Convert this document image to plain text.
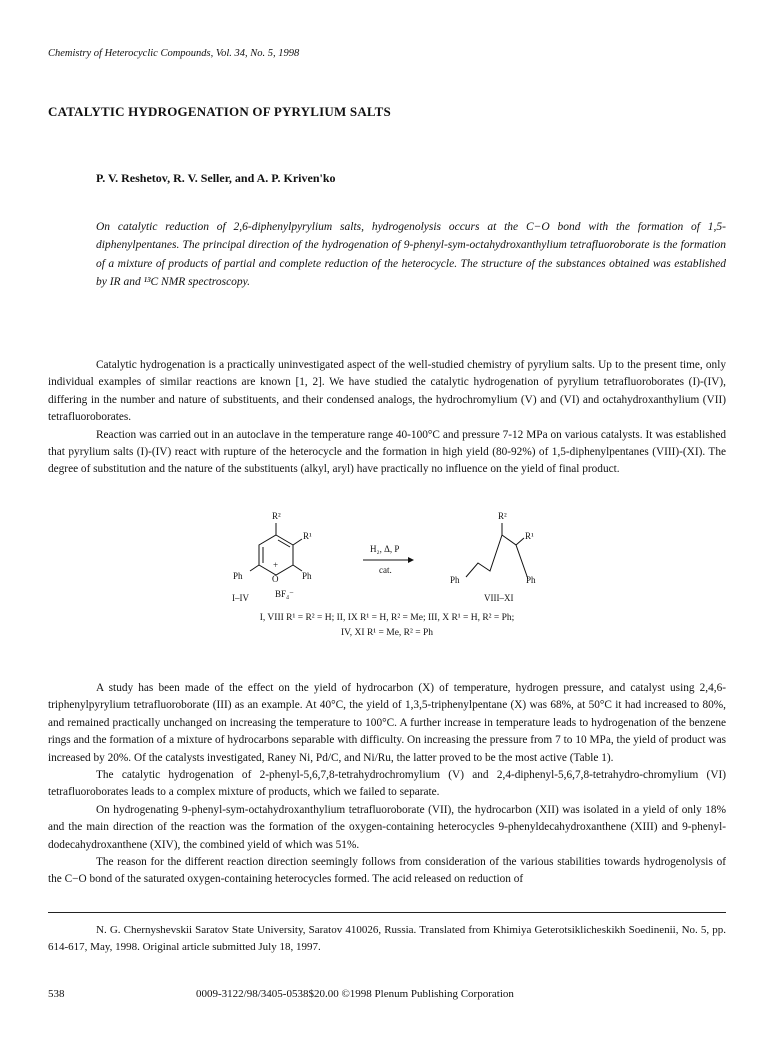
Chemistry of Heterocyclic Compounds, Vol. 34, No. 5, 1998
CATALYTIC HYDROGENATION OF PYRYLIUM SALTS
P. V. Reshetov, R. V. Seller, and A. P. Kriven'ko

On catalytic reduction of 2,6-diphenylpyrylium salts, hydrogenolysis occurs at the C−O bond with the formation of 1,5-diphenylpentanes. The principal direction of the hydrogenation of 9-phenyl-sym-octahydroxanthylium tetrafluoroborate is the formation of a mixture of products of partial and complete reduction of the heterocycle. The structure of the substances obtained was established by IR and ¹³C NMR spectroscopy.

Catalytic hydrogenation is a practically uninvestigated aspect of the well-studied chemistry of pyrylium salts. Up to the present time, only individual examples of similar reactions are known [1, 2]. We have studied the catalytic hydrogenation of pyrylium tetrafluoroborates (I)-(IV), differing in the number and nature of substituents, and their condensed analogs, the hydrochromylium (V) and (VI) and octahydroxanthylium (VII) tetrafluoroborates.

Reaction was carried out in an autoclave in the temperature range 40-100°C and pressure 7-12 MPa on various catalysts. It was established that pyrylium salts (I)-(IV) react with rupture of the heterocycle and the formation in high yield (80-92%) of 1,5-diphenylpentanes (VIII)-(XI). The degree of substitution and the nature of the substituents (alkyl, aryl) have practically no influence on the yield of final product.

R²
R¹
+
O
Ph	Ph
I–IV	BF₄⁻
H₂, Δ, P
cat.
R²
R¹
Ph	Ph
VIII–XI
I, VIII R¹ = R² = H; II, IX R¹ = H, R² = Me; III, X R¹ = H, R² = Ph;
IV, XI R¹ = Me, R² = Ph

A study has been made of the effect on the yield of hydrocarbon (X) of temperature, hydrogen pressure, and catalyst using 2,4,6-triphenylpyrylium tetrafluoroborate (III) as an example. At 40°C, the yield of 1,3,5-triphenylpentane (X) was 68%, at 50°C it had increased to 80%, and remained practically unchanged on increasing the temperature to 100°C. A further increase in temperature leads to hydrogenation of the benzene rings and the formation of a mixture of hydrocarbons separable with difficulty. On increasing the pressure from 7 to 10 MPa, the yield of product was increased by 20%. Of the catalysts investigated, Raney Ni, Pd/C, and Ni/Ru, the latter proved to be the most active (Table 1).

The catalytic hydrogenation of 2-phenyl-5,6,7,8-tetrahydrochromylium (V) and 2,4-diphenyl-5,6,7,8-tetrahydro-chromylium (VI) tetrafluoroborates leads to a complex mixture of products, which we failed to separate.

On hydrogenating 9-phenyl-sym-octahydroxanthylium tetrafluoroborate (VII), the hydrocarbon (XII) was isolated in a yield of only 18% and the main direction of the reaction was the formation of the oxygen-containing heterocycles 9-phenyldecahydroxanthene (XIII) and 9-phenyl-dodecahydroxanthene (XIV), the combined yield of which was 51%.

The reason for the different reaction direction seemingly follows from consideration of the various stabilities towards hydrogenolysis of the C−O bond of the saturated oxygen-containing heterocycles formed. The acid released on reduction of

N. G. Chernyshevskii Saratov State University, Saratov 410026, Russia. Translated from Khimiya Geterotsiklicheskikh Soedinenii, No. 5, pp. 614-617, May, 1998. Original article submitted July 18, 1997.

538	0009-3122/98/3405-0538$20.00 ©1998 Plenum Publishing Corporation
